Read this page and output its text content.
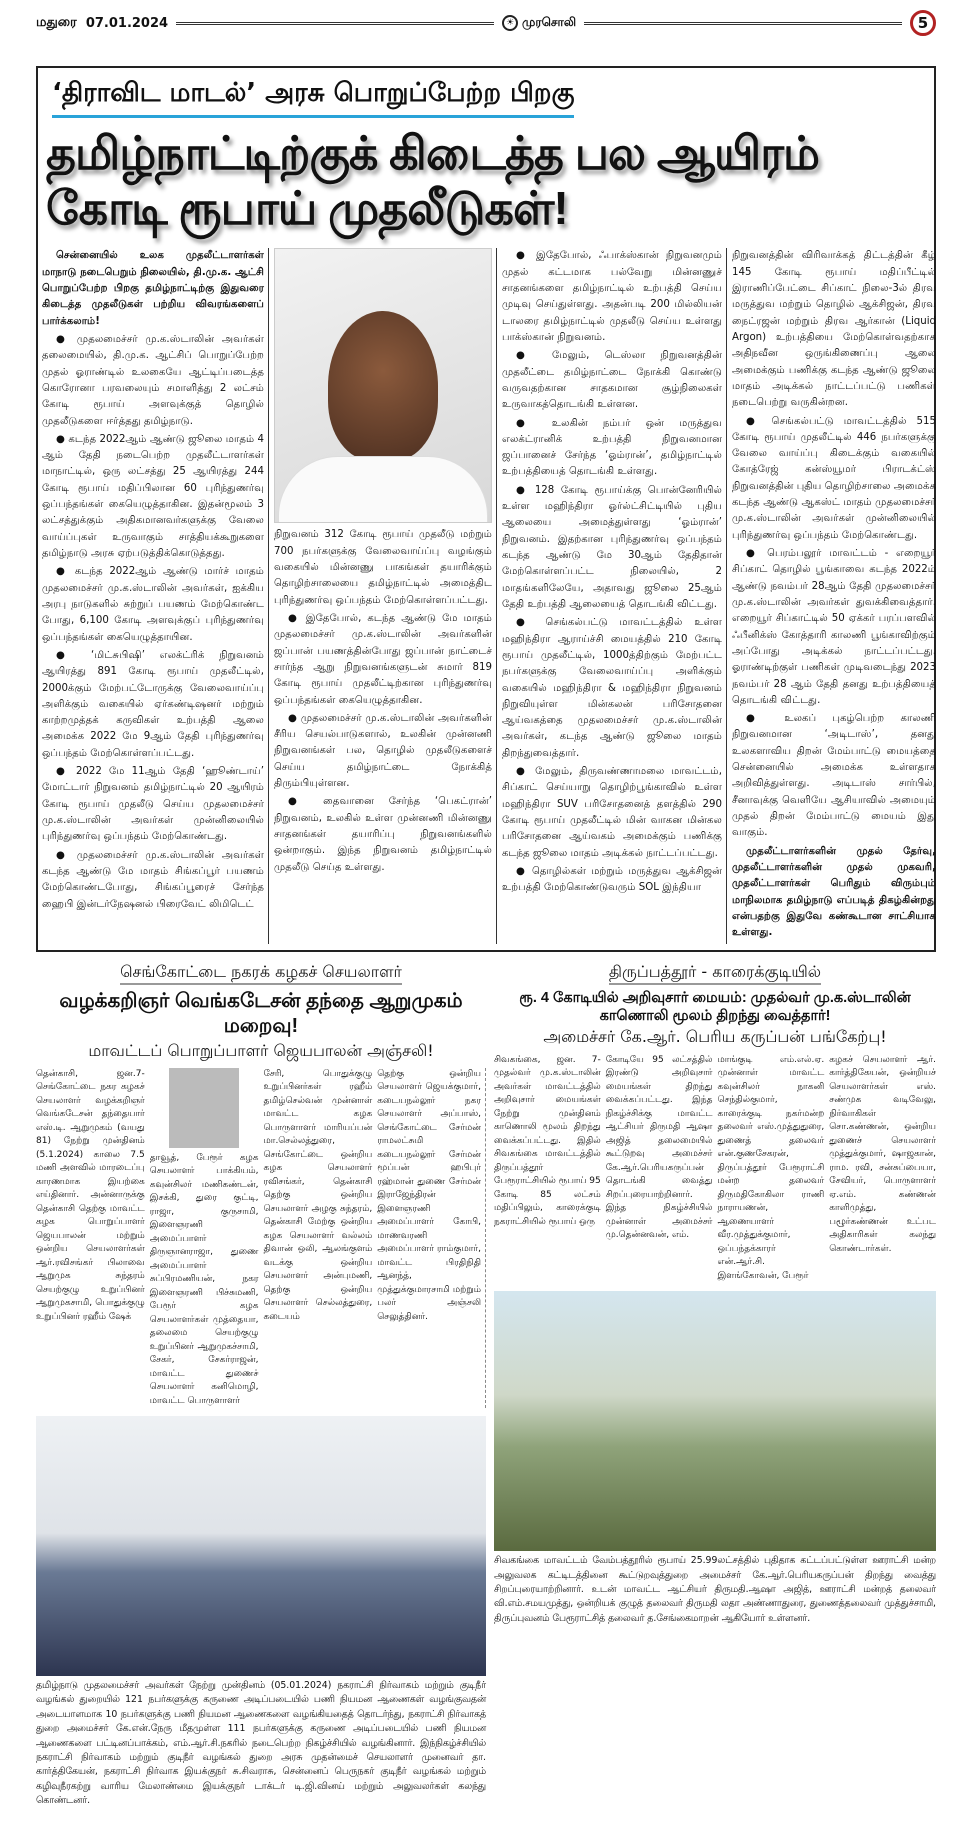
மதுரை
07.01.2024	☀ முரசொலி	5
‘திராவிட மாடல்’ அரசு பொறுப்பேற்ற பிறகு
தமிழ்நாட்டிற்குக் கிடைத்த பல ஆயிரம் கோடி ரூபாய் முதலீடுகள்!

சென்னையில் உலக முதலீட்டாளர்கள் மாநாடு நடைபெறும் நிலையில், தி.மு.க. ஆட்சி பொறுப்பேற்ற பிறகு தமிழ்நாட்டிற்கு இதுவரை கிடைத்த முதலீடுகள் பற்றிய விவரங்களைப் பார்க்கலாம்!

● முதலமைச்சர் மு.க.ஸ்டாலின் அவர்கள் தலைமையில், தி.மு.க. ஆட்சிப் பொறுப்பேற்ற முதல் ஓராண்டில் உலகையே ஆட்டிப்படைத்த கொரோனா பரவலையும் சமாளித்து 2 லட்சம் கோடி ரூபாய் அளவுக்குத் தொழில் முதலீடுகளை ஈர்த்தது தமிழ்நாடு.

● கடந்த 2022ஆம் ஆண்டு ஜூலை மாதம் 4 ஆம் தேதி நடைபெற்ற முதலீட்டாளர்கள் மாநாட்டில், ஒரு லட்சத்து 25 ஆயிரத்து 244 கோடி ரூபாய் மதிப்பிலான 60 புரிந்துணர்வு ஒப்பந்தங்கள் கையெழுத்தாகின. இதன்மூலம் 3 லட்சத்துக்கும் அதிகமானவர்களுக்கு வேலை வாய்ப்புகள் உருவாகும் சாத்தியக்கூறுகளை தமிழ்நாடு அரசு ஏற்படுத்திக்கொடுத்தது.

● கடந்த 2022ஆம் ஆண்டு மார்ச் மாதம் முதலமைச்சர் மு.க.ஸ்டாலின் அவர்கள், ஐக்கிய அரபு நாடுகளில் சுற்றுப் பயணம் மேற்கொண்ட போது, 6,100 கோடி அளவுக்குப் புரிந்துணர்வு ஒப்பந்தங்கள் கையெழுத்தாயின.

● ‘மிட்சுபிஷி’ எலக்ட்ரிக் நிறுவனம் ஆயிரத்து 891 கோடி ரூபாய் முதலீட்டில், 2000க்கும் மேற்பட்டோருக்கு வேலைவாய்ப்பு அளிக்கும் வகையில் ஏர்கண்டிஷனர் மற்றும் காற்றமுத்தக் கருவிகள் உற்பத்தி ஆலை அமைக்க 2022 மே 9ஆம் தேதி புரிந்துணர்வு ஒப்பந்தம் மேற்கொள்ளப்பட்டது.

● 2022 மே 11ஆம் தேதி ‘ஹூண்டாய்’ மோட்டார் நிறுவனம் தமிழ்நாட்டில் 20 ஆயிரம் கோடி ரூபாய் முதலீடு செய்ய முதலமைச்சர் மு.க.ஸ்டாலின் அவர்கள் முன்னிலையில் புரிந்துணர்வு ஒப்பந்தம் மேற்கொண்டது.

● முதலமைச்சர் மு.க.ஸ்டாலின் அவர்கள் கடந்த ஆண்டு மே மாதம் சிங்கப்பூர் பயணம் மேற்கொண்டபோது, சிங்கப்பூரைச் சேர்ந்த ஹைபி இன்டர்நேஷனல் பிரைவேட் லிமிடெட்

நிறுவனம் 312 கோடி ரூபாய் முதலீடு மற்றும் 700 நபர்களுக்கு வேலைவாய்ப்பு வழங்கும் வகையில் மின்னணு பாகங்கள் தயாரிக்கும் தொழிற்சாலையை தமிழ்நாட்டில் அமைத்திட புரிந்துணர்வு ஒப்பந்தம் மேற்கொள்ளப்பட்டது.

● இதேபோல், கடந்த ஆண்டு மே மாதம் முதலமைச்சர் மு.க.ஸ்டாலின் அவர்களின் ஜப்பான் பயணத்தின்போது ஜப்பான் நாட்டைச் சார்ந்த ஆறு நிறுவனங்களுடன் சுமார் 819 கோடி ரூபாய் முதலீட்டிற்கான புரிந்துணர்வு ஒப்பந்தங்கள் கையெழுத்தாகின.

● முதலமைச்சர் மு.க.ஸ்டாலின் அவர்களின் சீரிய செயல்பாடுகளால், உலகின் முன்னணி நிறுவனங்கள் பல, தொழில் முதலீடுகளைச் செய்ய தமிழ்நாட்டை நோக்கித் திரும்பியுள்ளன.

● தைவானை சேர்ந்த ‘பெகட்ரான்’ நிறுவனம், உலகில் உள்ள முன்னணி மின்னணு சாதனங்கள் தயாரிப்பு நிறுவனங்களில் ஒன்றாகும். இந்த நிறுவனம் தமிழ்நாட்டில் முதலீடு செய்த உள்ளது.

● இதேபோல், ஃபாக்ஸ்கான் நிறுவனமும் முதல் கட்டமாக பல்வேறு மின்னணுச் சாதனங்களை தமிழ்நாட்டில் உற்பத்தி செய்ய முடிவு செய்துள்ளது. அதன்படி 200 மில்லியன் டாலரை தமிழ்நாட்டில் முதலீடு செய்ய உள்ளது பாக்ஸ்கான் நிறுவனம்.

● மேலும், டெஸ்லா நிறுவனத்தின் முதலீட்டை தமிழ்நாட்டை நோக்கி கொண்டு வருவதற்கான சாதகமான சூழ்நிலைகள் உருவாகத்தொடங்கி உள்ளன.

● உலகின் நம்பர் ஒன் மருத்துவ எலக்ட்ரானிக் உற்பத்தி நிறுவனமான ஜப்பானைச் சேர்ந்த ‘ஓம்ரான்’, தமிழ்நாட்டில் உற்பத்தியைத் தொடங்கி உள்ளது.

● 128 கோடி ரூபாய்க்கு பொன்னேரியில் உள்ள மஹிந்திரா ஓர்ல்ட்சிட்டியில் புதிய ஆலையை அமைத்துள்ளது ‘ஓம்ரான்’ நிறுவனம். இதற்கான புரிந்துணர்வு ஒப்பந்தம் கடந்த ஆண்டு மே 30ஆம் தேதிதான் மேற்கொள்ளப்பட்ட நிலையில், 2 மாதங்களிலேயே, அதாவது ஜூலை 25ஆம் தேதி உற்பத்தி ஆலையைத் தொடங்கி விட்டது.

● செங்கல்பட்டு மாவட்டத்தில் உள்ள மஹிந்திரா ஆராய்ச்சி மையத்தில் 210 கோடி ரூபாய் முதலீட்டில், 1000த்திற்கும் மேற்பட்ட நபர்களுக்கு வேலைவாய்ப்பு அளிக்கும் வகையில் மஹிந்திரா & மஹிந்திரா நிறுவனம் நிறுவியுள்ள மின்கலன் பரிசோதனை ஆய்வகத்தை முதலமைச்சர் மு.க.ஸ்டாலின் அவர்கள், கடந்த ஆண்டு ஜூலை மாதம் திறந்துவைத்தார்.

● மேலும், திருவண்ணாமலை மாவட்டம், சிப்காட் செய்யாறு தொழிற்பூங்காவில் உள்ள மஹிந்திரா SUV பரிசோதனைத் தளத்தில் 290 கோடி ரூபாய் முதலீட்டில் மின் வாகன மின்கல பரிசோதனை ஆய்வகம் அமைக்கும் பணிக்கு கடந்த ஜூலை மாதம் அடிக்கல் நாட்டப்பட்டது.

● தொழில்கள் மற்றும் மருத்துவ ஆக்சிஜன் உற்பத்தி மேற்கொண்டுவரும் SOL இந்தியா

நிறுவனத்தின் விரிவாக்கத் திட்டத்தின் கீழ் 145 கோடி ரூபாய் மதிப்பீட்டில் இராணிப்பேட்டை சிப்காட் நிலை-3ல் திரவ மருத்துவ மற்றும் தொழில் ஆக்சிஜன், திரவ நைட்ரஜன் மற்றும் திரவ ஆர்கான் (Liquid Argon) உற்பத்தியை மேற்கொள்வதற்காக அதிநவீன ஒருங்கிணைப்பு ஆலை அமைக்கும் பணிக்கு கடந்த ஆண்டு ஜூலை மாதம் அடிக்கல் நாட்டப்பட்டு பணிகள் நடைபெற்று வருகின்றன.

● செங்கல்பட்டு மாவட்டத்தில் 515 கோடி ரூபாய் முதலீட்டில் 446 நபர்களுக்கு வேலை வாய்ப்பு கிடைக்கும் வகையில் கோத்ரேஜ் கன்ஸ்யூமர் பிராடக்ட்ஸ் நிறுவனத்தின் புதிய தொழிற்சாலை அமைக்க கடந்த ஆண்டு ஆகஸ்ட் மாதம் முதலமைச்சர் மு.க.ஸ்டாலின் அவர்கள் முன்னிலையில் புரிந்துணர்வு ஒப்பந்தம் மேற்கொண்டது.

● பெரம்பலூர் மாவட்டம் - எறையூர் சிப்காட் தொழில் பூங்காவை கடந்த 2022ம் ஆண்டு நவம்பர் 28ஆம் தேதி முதலமைச்சர் மு.க.ஸ்டாலின் அவர்கள் துவக்கிவைத்தார். எறையூர் சிப்காட்டில் 50 ஏக்கர் பரப்பளவில் ஃபீனிக்ஸ் கோத்தாரி காலணி பூங்காவிற்கும் அப்போது அடிக்கல் நாட்டப்பட்டது. ஓராண்டிற்குள் பணிகள் முடிவடைந்து 2023 நவம்பர் 28 ஆம் தேதி தனது உற்பத்தியைத் தொடங்கி விட்டது.

● உலகப் புகழ்பெற்ற காலணி நிறுவனமான ‘அடிடாஸ்’, தனது உலகளாவிய திறன் மேம்பாட்டு மையத்தை சென்னையில் அமைக்க உள்ளதாக அறிவித்துள்ளது. அடிடாஸ் சார்பில், சீனாவுக்கு வெளியே ஆசியாவில் அமையும் முதல் திறன் மேம்பாட்டு மையம் இது வாகும்.

முதலீட்டாளர்களின் முதல் தேர்வு, முதலீட்டாளர்களின் முதல் முகவரி, முதலீட்டாளர்கள் பெரிதும் விரும்பும் மாநிலமாக தமிழ்நாடு எப்படித் திகழ்கின்றது என்பதற்கு இதுவே கண்கூடான சாட்சியாக உள்ளது.

செங்கோட்டை நகரக் கழகச் செயலாளர்
வழக்கறிஞர் வெங்கடேசன் தந்தை ஆறுமுகம் மறைவு!
மாவட்டப் பொறுப்பாளர் ஜெயபாலன் அஞ்சலி!
தென்காசி, ஜன.7- செங்கோட்டை நகர கழகச் செயலாளர் வழக்கறிஞர் வெங்கடேசன் தந்தையார் எஸ்.டி. ஆறுமுகம் (வயது 81) நேற்று முன்தினம் (5.1.2024) காலை 7.5 மணி அளவில் மாரடைப்பு காரணமாக இயற்கை எய்தினார். அன்னாருக்கு தென்காசி தெற்கு மாவட்ட கழக பொறுப்பாளர் ஜெயபாலன் மற்றும் ஒன்றிய செயலாளர்கள் ஆர்.ரவிசங்கர் பிலாவை ஆறுமுக சுந்தரம் செயற்குழு உறுப்பினர் ஆறுமுகசாமி, பொதுக்குழு உறுப்பினர் ரஹீம் ஷேக்
தாவூத், பேரூர் கழக செயலாளர் பாக்கியம், கவுன்சிலர் மணிகண்டன், இசக்கி, துரை குட்டி, ராஜா, குருசாமி, இளைஞரணி அமைப்பாளர் திருஞானராஜா, துணை அமைப்பாளர் சுப்பிரமணியன், நகர இளைஞரணி பிச்சுமணி, பேரூர் கழக செயலாளர்கள் முத்தையா, தலைமை செயற்குழு உறுப்பினர் ஆறுமுகச்சாமி, சேகர், சேகர்ராஜன், மாவட்ட துணைச் செயலாளர் கனிமொழி, மாவட்ட பொருளாளர்
சேரி, பொதுக்குழு உறுப்பினர்கள் ரஹீம் தமிழ்செல்வன் முன்னாள் மாவட்ட கழக பொருளாளர் மாரியப்பன் மா.செல்லத்துரை, செங்கோட்டை ஒன்றிய கழக செயலாளர் ரவிசங்கர், தென்காசி தெற்கு ஒன்றிய செயலாளர் அழகு சுந்தரம், தென்காசி மேற்கு ஒன்றிய கழக செயலாளர் வல்லம் திவான் ஒலி, ஆலங்குளம் வடக்கு ஒன்றிய செயலாளர் அன்புமணி, தெற்கு ஒன்றிய செயலாளர் செல்லத்துரை, கடையம்
தெற்கு ஒன்றிய செயலாளர் ஜெயக்குமார், கடையநல்லூர் நகர செயலாளர் அப்பாஸ், செங்கோட்டை சேர்மன் ராமலட்சுமி கடையநல்லூர் சேர்மன் மூப்பன் ஹபிபுர் ரஹ்மான் துணை சேர்மன் இராஜேந்திரன் இளைஞரணி அமைப்பாளர் கோபி, மாணவரணி அமைப்பாளர் ராம்குமார், மாவட்ட பிரதிநிதி ஆனந்த், முத்துக்குமாரசாமி மற்றும் பலர் அஞ்சலி செலுத்தினர்.
தமிழ்நாடு முதலமைச்சர் அவர்கள் நேற்று முன்தினம் (05.01.2024) நகராட்சி நிர்வாகம் மற்றும் குடிநீர் வழங்கல் துறையில் 121 நபர்களுக்கு கருணை அடிப்படையில் பணி நியமன ஆணைகள் வழங்குவதன் அடையாளமாக 10 நபர்களுக்கு பணி நியமன ஆணைகளை வழங்கியதைத் தொடர்ந்து, நகராட்சி நிர்வாகத் துறை அமைச்சர் கே.என்.நேரு மீதமுள்ள 111 நபர்களுக்கு கருணை அடிப்படையில் பணி நியமன ஆணைகளை பட்டினப்பாக்கம், எம்.ஆர்.சி.நகரில் நடைபெற்ற நிகழ்ச்சியில் வழங்கினார். இந்நிகழ்ச்சியில் நகராட்சி நிர்வாகம் மற்றும் குடிநீர் வழங்கல் துறை அரசு முதன்மைச் செயலாளர் முனைவர் தா. கார்த்திகேயன், நகராட்சி நிர்வாக இயக்குநர் சு.சிவராசு, சென்னைப் பெருநகர் குடிநீர் வழங்கல் மற்றும் கழிவுநீரகற்று வாரிய மேலாண்மை இயக்குநர் டாக்டர் டி.ஜி.வினய் மற்றும் அலுவலர்கள் கலந்து கொண்டனர்.
திருப்பத்தூர் - காரைக்குடியில்
ரூ. 4 கோடியில் அறிவுசார் மையம்: முதல்வர் மு.க.ஸ்டாலின் காணொலி மூலம் திறந்து வைத்தார்!
அமைச்சர் கே.ஆர். பெரிய கருப்பன் பங்கேற்பு!
சிவகங்கை, ஜன. 7- முதல்வர் மு.க.ஸ்டாலின் அவர்கள் மாவட்டத்தில் அறிவுசார் மையங்கள் நேற்று முன்தினம் காணொலி மூலம் திறந்து வைக்கப்பட்டது. இதில் சிவகங்கை மாவட்டத்தில் திருப்பத்தூர் பேரூராட்சியில் ரூபாய் 95 கோடி 85 லட்சம் மதிப்பிலும், காரைக்குடி நகராட்சியில் ரூபாய் ஒரு
கோடியே 95 லட்சத்தில் இரண்டு அறிவுசார் மையங்கள் திறந்து வைக்கப்பட்டது. இந்த நிகழ்ச்சிக்கு மாவட்ட ஆட்சியர் திருமதி ஆஷா அஜித் தலைமையில் கூட்டுறவு அமைச்சர் கே.ஆர்.பெரியகருப்பன் தொடங்கி வைத்து சிறப்புரையாற்றினார். இந்த நிகழ்ச்சியில் முன்னாள் அமைச்சர் மு.தென்னவன், எம்.
மாங்குடி எம்.எல்.ஏ. முன்னாள் மாவட்ட கவுன்சிலர் நாகனி செந்தில்குமார், காரைக்குடி நகர்மன்ற தலைவர் எஸ்.முத்துதுரை, துணைத் தலைவர் என்.குணசேகரன், திருப்பத்தூர் பேரூராட்சி மன்ற தலைவர் திருமதிகோகிலா ராணி நாராயணன், ஆணையாளர் வீர.முத்துக்குமார், ஒப்பந்தக்காரர் என்.ஆர்.சி. இளங்கோவன், பேரூர்
கழகச் செயலாளர் ஆர். கார்த்திகேயன், ஒன்றியச் செயலாளர்கள் எஸ். சண்முக வடிவேலு, நிர்வாகிகள் சொ.கண்ணன், ஒன்றிய துணைச் செயலாளர் முத்துக்குமார், ஷாஜகான், ராம. ரவி, சன்சுப்பையா, சேவியர், பொருளாளர் ஏ.எம். கண்ணன் காளிமுத்து, பழூர்கண்ணன் உட்பட அதிகாரிகள் கலந்து கொண்டார்கள்.
சிவகங்கை மாவட்டம் வேம்பத்தூரில் ரூபாய் 25.99லட்சத்தில் புதிதாக கட்டப்பட்டுள்ள ஊராட்சி மன்ற அலுவலக கட்டிடத்தினை கூட்டுறவுத்துறை அமைச்சர் கே.ஆர்.பெரியகருப்பன் திறந்து வைத்து சிறப்புரையாற்றினார். உடன் மாவட்ட ஆட்சியர் திருமதி.ஆஷா அஜித், ஊராட்சி மன்றத் தலைவர் வி.எம்.சமயமுத்து, ஒன்றியக் குழுத் தலைவர் திருமதி லதா அண்ணாதுரை, துணைத்தலைவர் முத்துச்சாமி, திருப்புவனம் பேரூராட்சித் தலைவர் த.சேங்கைமாறன் ஆகியோர் உள்ளனர்.
